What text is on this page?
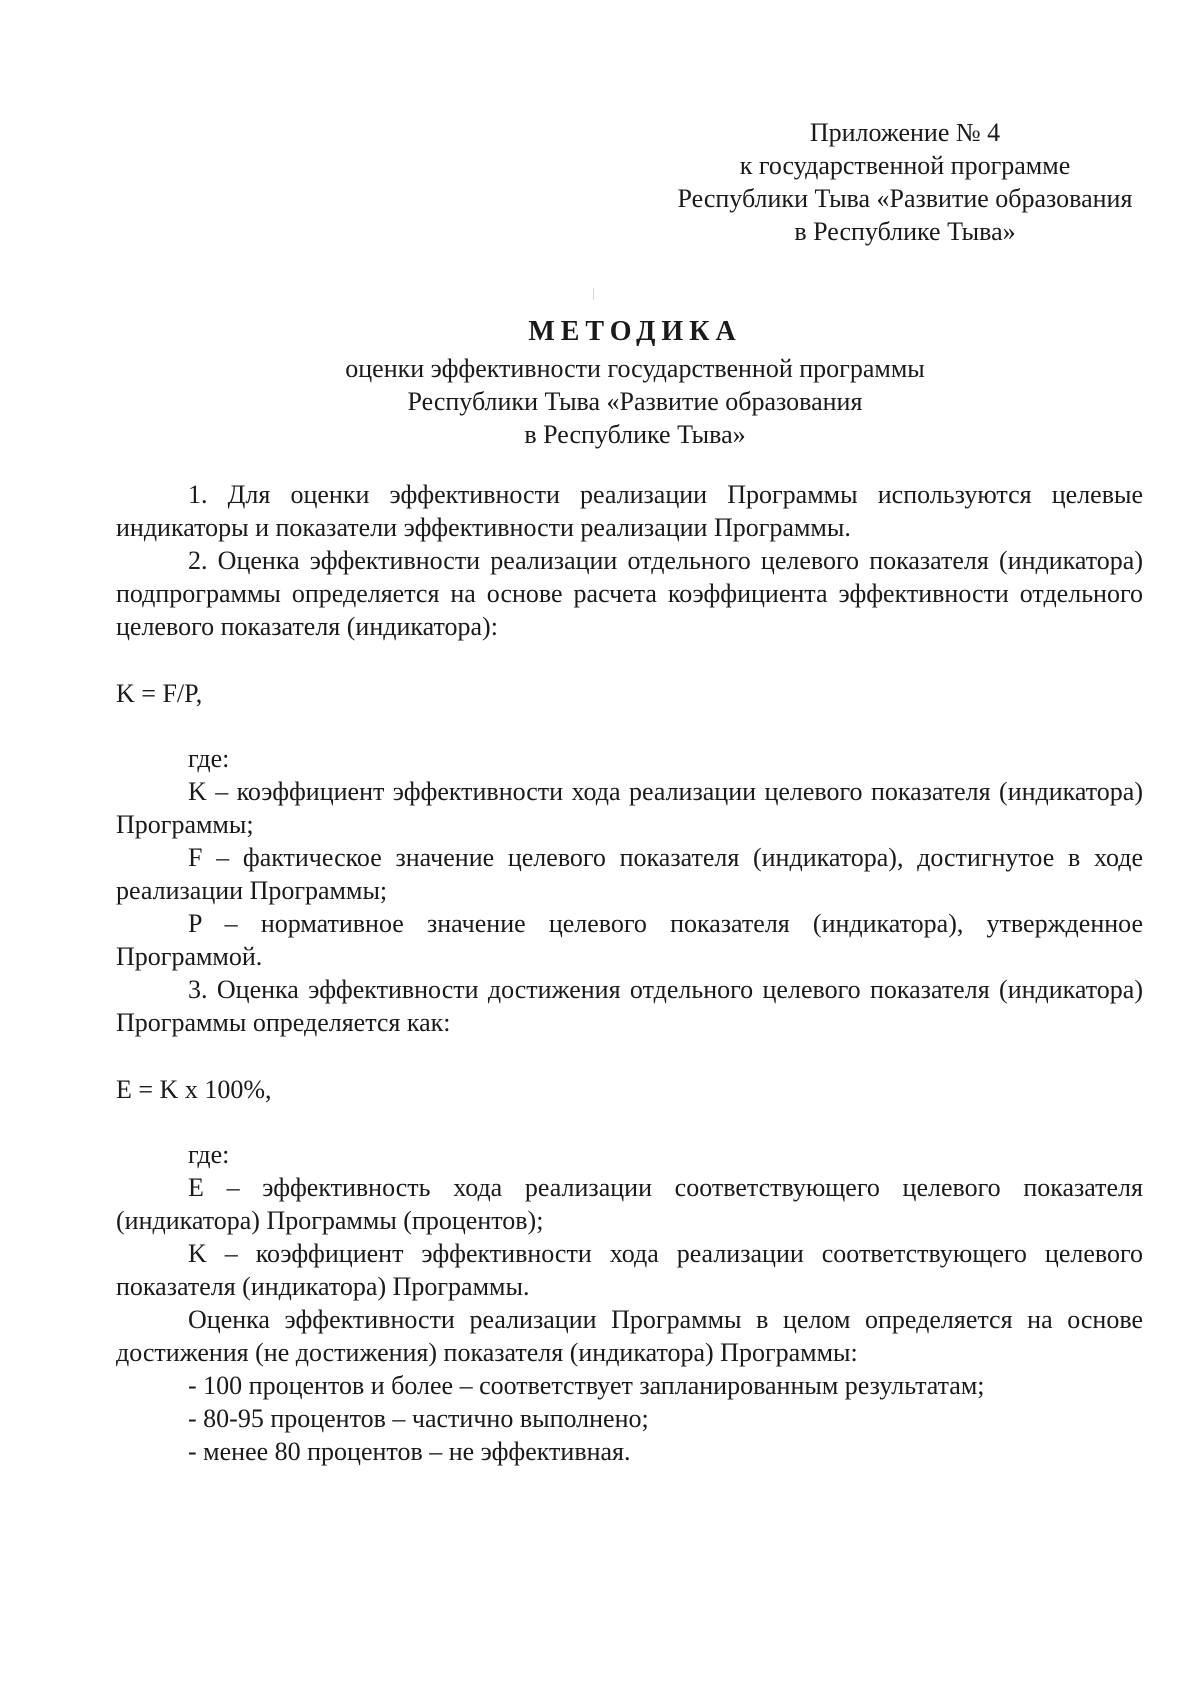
Приложение № 4
к государственной программе
Республики Тыва «Развитие образования
в Республике Тыва»
МЕТОДИКА
оценки эффективности государственной программы
Республики Тыва «Развитие образования
в Республике Тыва»

1. Для оценки эффективности реализации Программы используются целевые индикаторы и показатели эффективности реализации Программы.

2. Оценка эффективности реализации отдельного целевого показателя (индикатора) подпрограммы определяется на основе расчета коэффициента эффективности отдельного целевого показателя (индикатора):

K = F/P,

где:

K – коэффициент эффективности хода реализации целевого показателя (индикатора) Программы;

F – фактическое значение целевого показателя (индикатора), достигнутое в ходе реализации Программы;

P – нормативное значение целевого показателя (индикатора), утвержденное Программой.

3. Оценка эффективности достижения отдельного целевого показателя (индикатора) Программы определяется как:

E = K x 100%,

где:

E – эффективность хода реализации соответствующего целевого показателя (индикатора) Программы (процентов);

K – коэффициент эффективности хода реализации соответствующего целевого показателя (индикатора) Программы.

Оценка эффективности реализации Программы в целом определяется на основе достижения (не достижения) показателя (индикатора) Программы:

- 100 процентов и более – соответствует запланированным результатам;

- 80-95 процентов – частично выполнено;

- менее 80 процентов – не эффективная.
